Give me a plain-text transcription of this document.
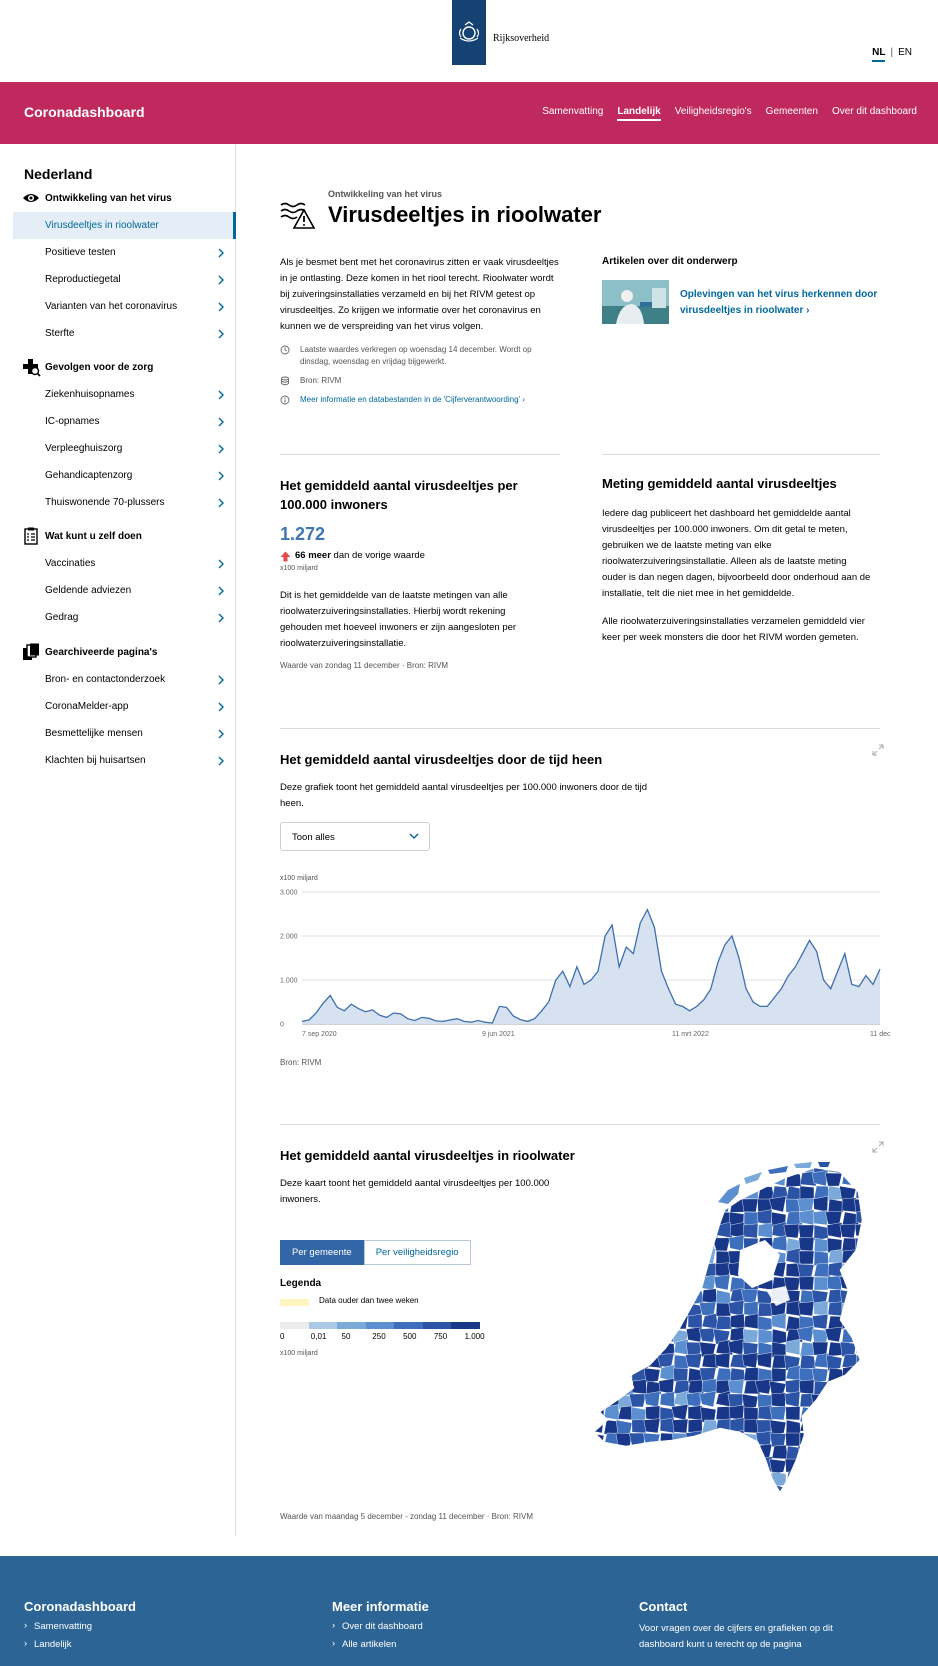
Rijksoverheid
NL | EN
Coronadashboard	Samenvatting Landelijk Veiligheidsregio's Gemeenten Over dit dashboard
Nederland
Ontwikkeling van het virus
Virusdeeltjes in rioolwater
Positieve testen
Reproductiegetal
Varianten van het coronavirus
Sterfte
Gevolgen voor de zorg
Ziekenhuisopnames
IC-opnames
Verpleeghuiszorg
Gehandicaptenzorg
Thuiswonende 70-plussers
Wat kunt u zelf doen
Vaccinaties
Geldende adviezen
Gedrag
Gearchiveerde pagina's
Bron- en contactonderzoek
CoronaMelder-app
Besmettelijke mensen
Klachten bij huisartsen
Ontwikkeling van het virus
Virusdeeltjes in rioolwater

Als je besmet bent met het coronavirus zitten er vaak virusdeeltjes in je ontlasting. Deze komen in het riool terecht. Rioolwater wordt bij zuiveringsinstallaties verzameld en bij het RIVM getest op virusdeeltjes. Zo krijgen we informatie over het coronavirus en kunnen we de verspreiding van het virus volgen.

Laatste waardes verkregen op woensdag 14 december. Wordt op dinsdag, woensdag en vrijdag bijgewerkt.
Bron: RIVM
Meer informatie en databestanden in de 'Cijferverantwoording' ›
Artikelen over dit onderwerp
Oplevingen van het virus herkennen door virusdeeltjes in rioolwater ›
Het gemiddeld aantal virusdeeltjes per 100.000 inwoners
1.272
66 meer dan de vorige waarde
x100 miljard

Dit is het gemiddelde van de laatste metingen van alle rioolwaterzuiveringsinstallaties. Hierbij wordt rekening gehouden met hoeveel inwoners er zijn aangesloten per rioolwaterzuiveringsinstallatie.

Waarde van zondag 11 december · Bron: RIVM
Meting gemiddeld aantal virusdeeltjes

Iedere dag publiceert het dashboard het gemiddelde aantal virusdeeltjes per 100.000 inwoners. Om dit getal te meten, gebruiken we de laatste meting van elke rioolwaterzuiveringsinstallatie. Alleen als de laatste meting ouder is dan negen dagen, bijvoorbeeld door onderhoud aan de installatie, telt die niet mee in het gemiddelde.

Alle rioolwaterzuiveringsinstallaties verzamelen gemiddeld vier keer per week monsters die door het RIVM worden gemeten.

Het gemiddeld aantal virusdeeltjes door de tijd heen

Deze grafiek toont het gemiddeld aantal virusdeeltjes per 100.000 inwoners door de tijd heen.

Toon alles
x100 miljard
3.000
2.000
1.000
0
7 sep 2020	9 jun 2021	11 mrt 2022	11 dec
Bron: RIVM
Het gemiddeld aantal virusdeeltjes in rioolwater

Deze kaart toont het gemiddeld aantal virusdeeltjes per 100.000 inwoners.

Per gemeente	Per veiligheidsregio
Legenda
Data ouder dan twee weken
0	0,01 50	250 500 750 1.000
x100 miljard
Waarde van maandag 5 december - zondag 11 december · Bron: RIVM
Coronadashboard
› Samenvatting
› Landelijk
Meer informatie
› Over dit dashboard
› Alle artikelen
Contact

Voor vragen over de cijfers en grafieken op dit dashboard kunt u terecht op de pagina
